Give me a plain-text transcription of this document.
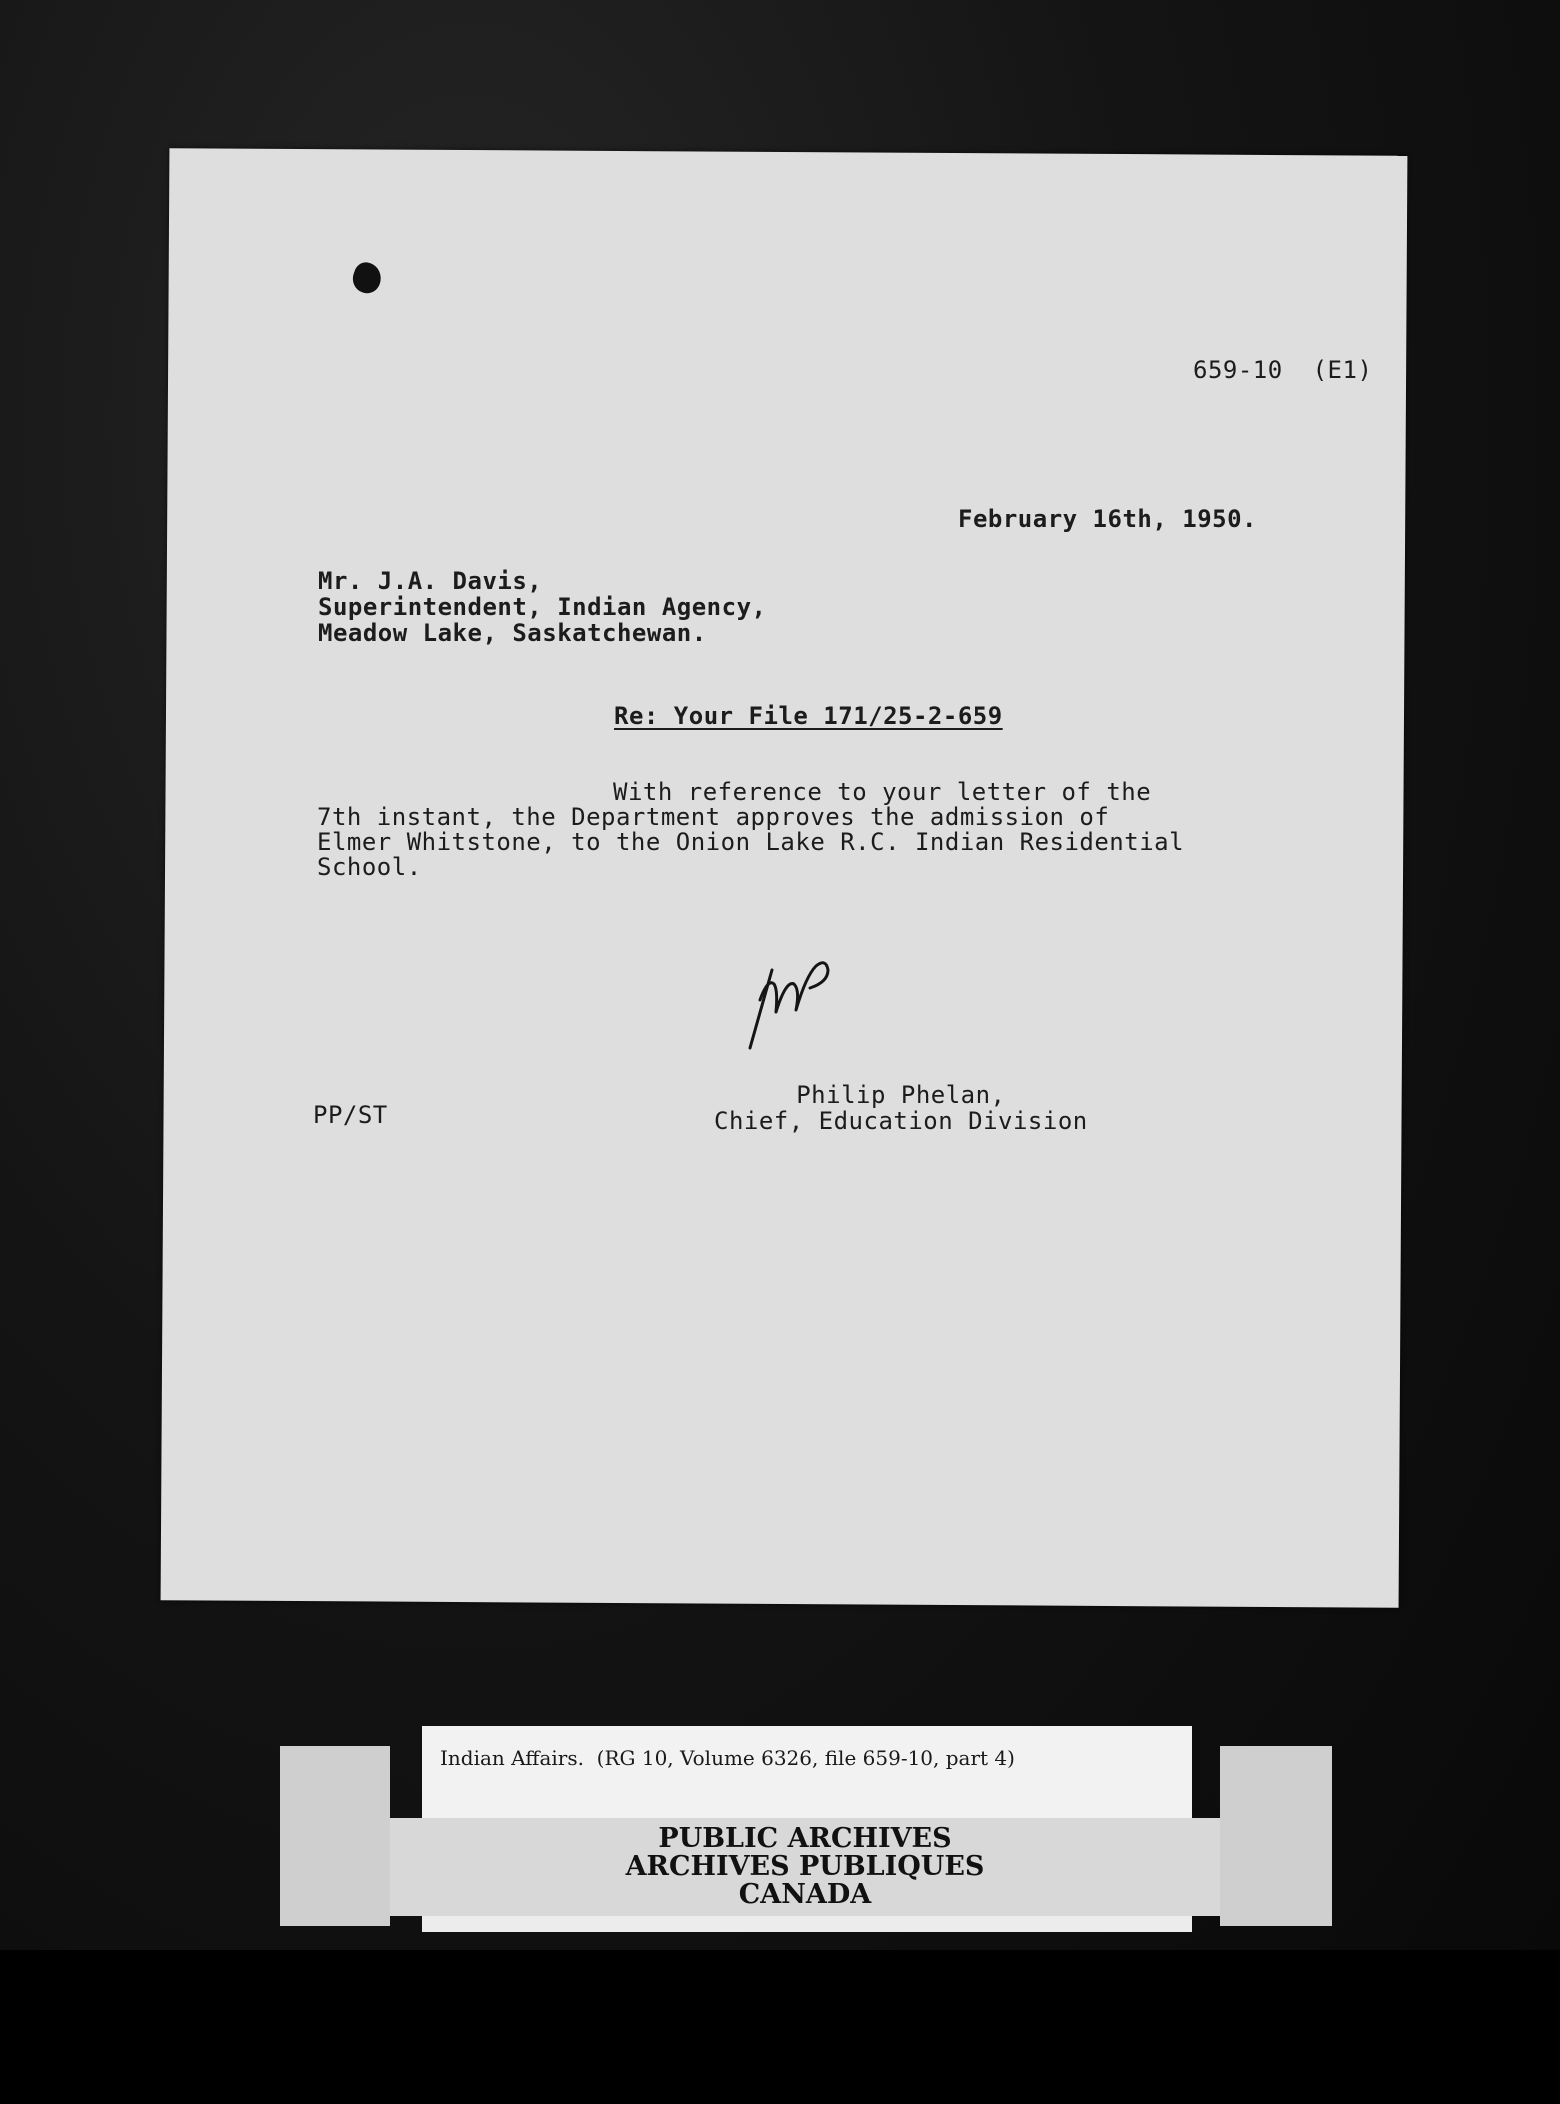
659-10  (E1)
February 16th, 1950.
Mr. J.A. Davis,
Superintendent, Indian Agency,
Meadow Lake, Saskatchewan.
Re: Your File 171/25-2-659
With reference to your letter of the
7th instant, the Department approves the admission of
Elmer Whitstone, to the Onion Lake R.C. Indian Residential
School.
PP/ST
Philip Phelan,
Chief, Education Division
Indian Affairs.  (RG 10, Volume 6326, file 659-10, part 4)
PUBLIC ARCHIVES
ARCHIVES PUBLIQUES
CANADA
